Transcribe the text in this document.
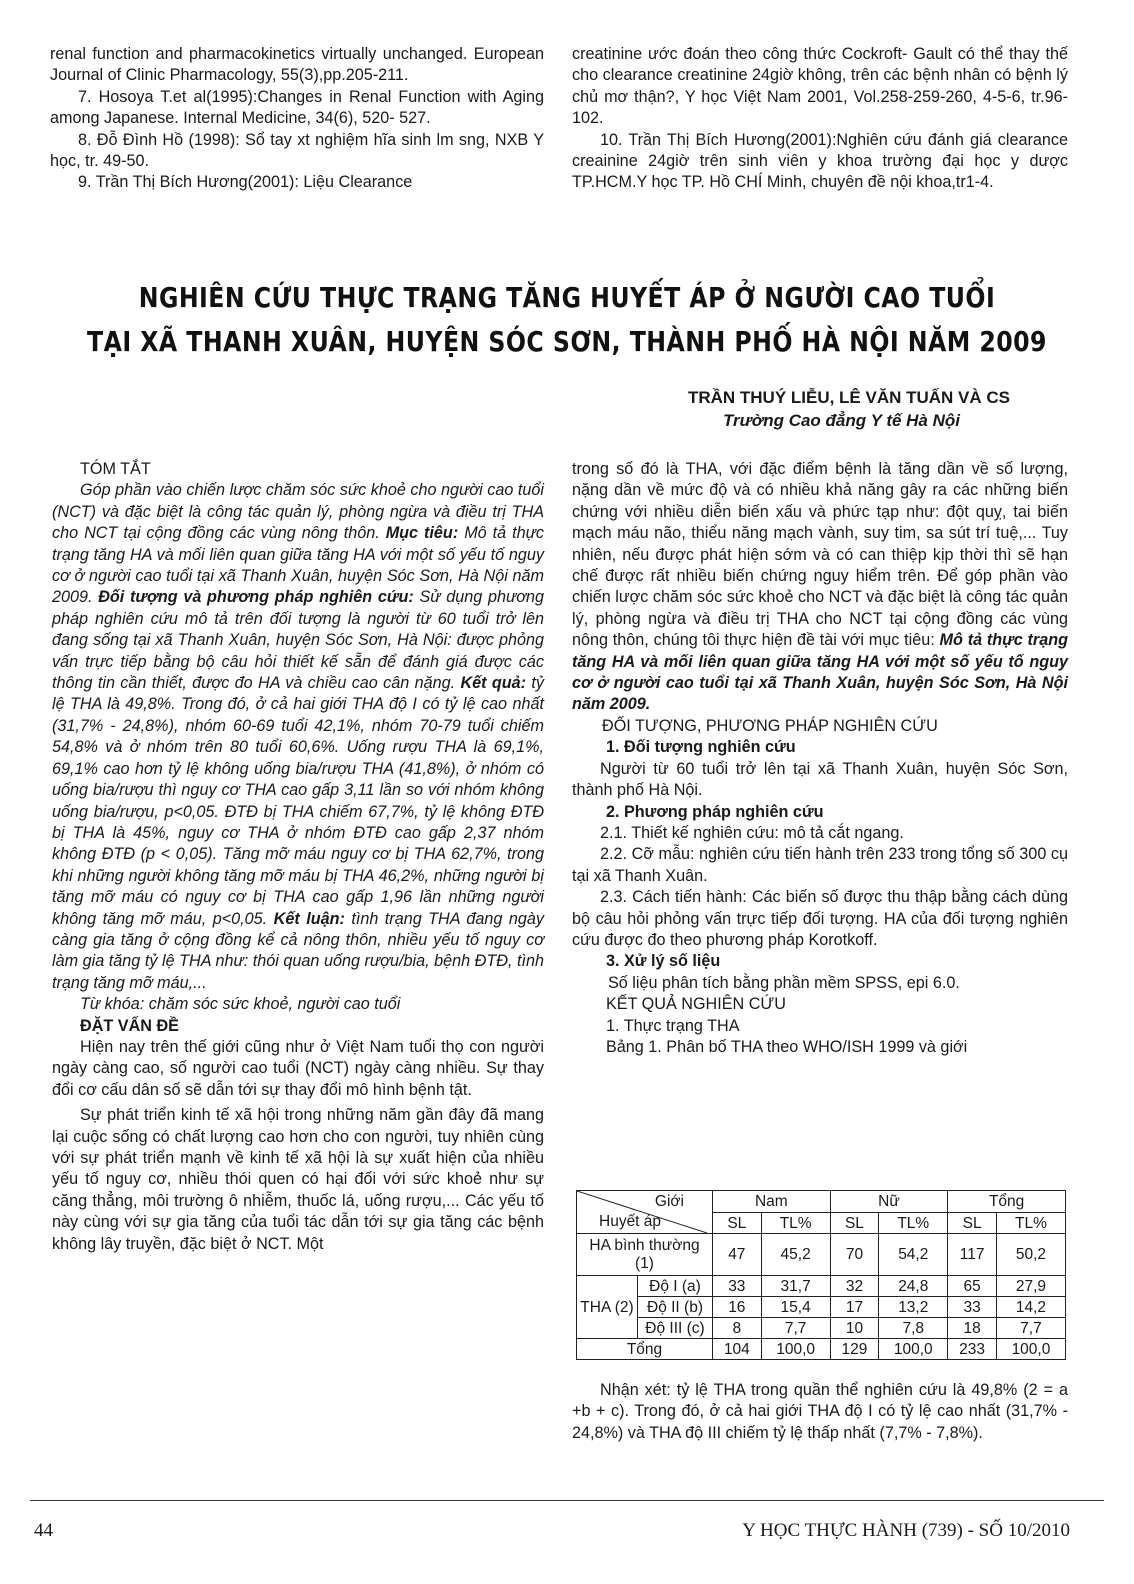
renal function and pharmacokinetics virtually unchanged. European Journal of Clinic Pharmacology, 55(3),pp.205-211.

7. Hosoya T.et al(1995):Changes in Renal Function with Aging among Japanese. Internal Medicine, 34(6), 520- 527.

8. Đỗ Đình Hồ (1998): Sổ tay xt nghiệm hĩa sinh lm sng, NXB Y học, tr. 49-50.

9. Trần Thị Bích Hương(2001): Liệu Clearance

creatinine ước đoán theo công thức Cockroft- Gault có thể thay thế cho clearance creatinine 24giờ không, trên các bệnh nhân có bệnh lý chủ mơ thận?, Y học Việt Nam 2001, Vol.258-259-260, 4-5-6, tr.96-102.

10. Trần Thị Bích Hương(2001):Nghiên cứu đánh giá clearance creainine 24giờ trên sinh viên y khoa trường đại học y dược TP.HCM.Y học TP. Hồ CHÍ Minh, chuyên đề nội khoa,tr1-4.

NGHIÊN CỨU THỰC TRẠNG TĂNG HUYẾT ÁP Ở NGƯỜI CAO TUỔI
TẠI XÃ THANH XUÂN, HUYỆN SÓC SƠN, THÀNH PHỐ HÀ NỘI NĂM 2009
TRẦN THUÝ LIỄU, LÊ VĂN TUẤN VÀ CS
Trường Cao đẳng Y tế Hà Nội

TÓM TẮT

Góp phần vào chiến lược chăm sóc sức khoẻ cho người cao tuổi (NCT) và đặc biệt là công tác quản lý, phòng ngừa và điều trị THA cho NCT tại cộng đồng các vùng nông thôn. Mục tiêu: Mô tả thực trạng tăng HA và mối liên quan giữa tăng HA với một số yếu tố nguy cơ ở người cao tuổi tại xã Thanh Xuân, huyện Sóc Sơn, Hà Nội năm 2009. Đối tượng và phương pháp nghiên cứu: Sử dụng phương pháp nghiên cứu mô tả trên đối tượng là người từ 60 tuổi trở lên đang sống tại xã Thanh Xuân, huyện Sóc Sơn, Hà Nội: được phỏng vấn trực tiếp bằng bộ câu hỏi thiết kế sẵn để đánh giá được các thông tin cần thiết, được đo HA và chiều cao cân nặng. Kết quả: tỷ lệ THA là 49,8%. Trong đó, ở cả hai giới THA độ I có tỷ lệ cao nhất (31,7% - 24,8%), nhóm 60-69 tuổi 42,1%, nhóm 70-79 tuổi chiếm 54,8% và ở nhóm trên 80 tuổi 60,6%. Uống rượu THA là 69,1%, 69,1% cao hơn tỷ lệ không uống bia/rượu THA (41,8%), ở nhóm có uống bia/rượu thì nguy cơ THA cao gấp 3,11 lần so với nhóm không uống bia/rượu, p<0,05. ĐTĐ bị THA chiếm 67,7%, tỷ lệ không ĐTĐ bị THA là 45%, nguy cơ THA ở nhóm ĐTĐ cao gấp 2,37 nhóm không ĐTĐ (p < 0,05). Tăng mỡ máu nguy cơ bị THA 62,7%, trong khi những người không tăng mỡ máu bị THA 46,2%, những người bị tăng mỡ máu có nguy cơ bị THA cao gấp 1,96 lần những người không tăng mỡ máu, p<0,05. Kết luận: tình trạng THA đang ngày càng gia tăng ở cộng đồng kể cả nông thôn, nhiều yếu tố nguy cơ làm gia tăng tỷ lệ THA như: thói quan uống rượu/bia, bệnh ĐTĐ, tình trạng tăng mỡ máu,...

Từ khóa: chăm sóc sức khoẻ, người cao tuổi

ĐẶT VẤN ĐỀ

Hiện nay trên thế giới cũng như ở Việt Nam tuổi thọ con người ngày càng cao, số người cao tuổi (NCT) ngày càng nhiều. Sự thay đổi cơ cấu dân số sẽ dẫn tới sự thay đổi mô hình bệnh tật.

Sự phát triển kinh tế xã hội trong những năm gần đây đã mang lại cuộc sống có chất lượng cao hơn cho con người, tuy nhiên cùng với sự phát triển mạnh về kinh tế xã hội là sự xuất hiện của nhiều yếu tố nguy cơ, nhiều thói quen có hại đối với sức khoẻ như sự căng thẳng, môi trường ô nhiễm, thuốc lá, uống rượu,... Các yếu tố này cùng với sự gia tăng của tuổi tác dẫn tới sự gia tăng các bệnh không lây truyền, đặc biệt ở NCT. Một

trong số đó là THA, với đặc điểm bệnh là tăng dần về số lượng, nặng dần về mức độ và có nhiều khả năng gây ra các những biến chứng với nhiều diễn biến xấu và phức tạp như: đột quỵ, tai biến mạch máu não, thiểu năng mạch vành, suy tim, sa sút trí tuệ,... Tuy nhiên, nếu được phát hiện sớm và có can thiệp kịp thời thì sẽ hạn chế được rất nhiều biến chứng nguy hiểm trên. Để góp phần vào chiến lược chăm sóc sức khoẻ cho NCT và đặc biệt là công tác quản lý, phòng ngừa và điều trị THA cho NCT tại cộng đồng các vùng nông thôn, chúng tôi thực hiện đề tài với mục tiêu: Mô tả thực trạng tăng HA và mối liên quan giữa tăng HA với một số yếu tố nguy cơ ở người cao tuổi tại xã Thanh Xuân, huyện Sóc Sơn, Hà Nội năm 2009.

ĐỐI TƯỢNG, PHƯƠNG PHÁP NGHIÊN CỨU

1. Đối tượng nghiên cứu

Người từ 60 tuổi trở lên tại xã Thanh Xuân, huyện Sóc Sơn, thành phố Hà Nội.

2. Phương pháp nghiên cứu

2.1. Thiết kế nghiên cứu: mô tả cắt ngang.

2.2. Cỡ mẫu: nghiên cứu tiến hành trên 233 trong tổng số 300 cụ tại xã Thanh Xuân.

2.3. Cách tiến hành: Các biến số được thu thập bằng cách dùng bộ câu hỏi phỏng vấn trực tiếp đối tượng. HA của đối tượng nghiên cứu được đo theo phương pháp Korotkoff.

3. Xử lý số liệu

Số liệu phân tích bằng phần mềm SPSS, epi 6.0.

KẾT QUẢ NGHIÊN CỨU

1. Thực trạng THA

Bảng 1. Phân bố THA theo WHO/ISH 1999 và giới

Giới
Huyết áp		Nam		Nữ		Tổng	
		SL	TL%	SL	TL%	SL	TL%
HA bình thường (1)		47	45,2	70	54,2	117	50,2
THA (2)	Độ I (a)	33	31,7	32	24,8	65	27,9
	Độ II (b)	16	15,4	17	13,2	33	14,2
	Độ III (c)	8	7,7	10	7,8	18	7,7
Tổng		104	100,0	129	100,0	233	100,0

Nhận xét: tỷ lệ THA trong quần thể nghiên cứu là 49,8% (2 = a +b + c). Trong đó, ở cả hai giới THA độ I có tỷ lệ cao nhất (31,7% - 24,8%) và THA độ III chiếm tỷ lệ thấp nhất (7,7% - 7,8%).

44	Y HỌC THỰC HÀNH (739) - SỐ 10/2010
